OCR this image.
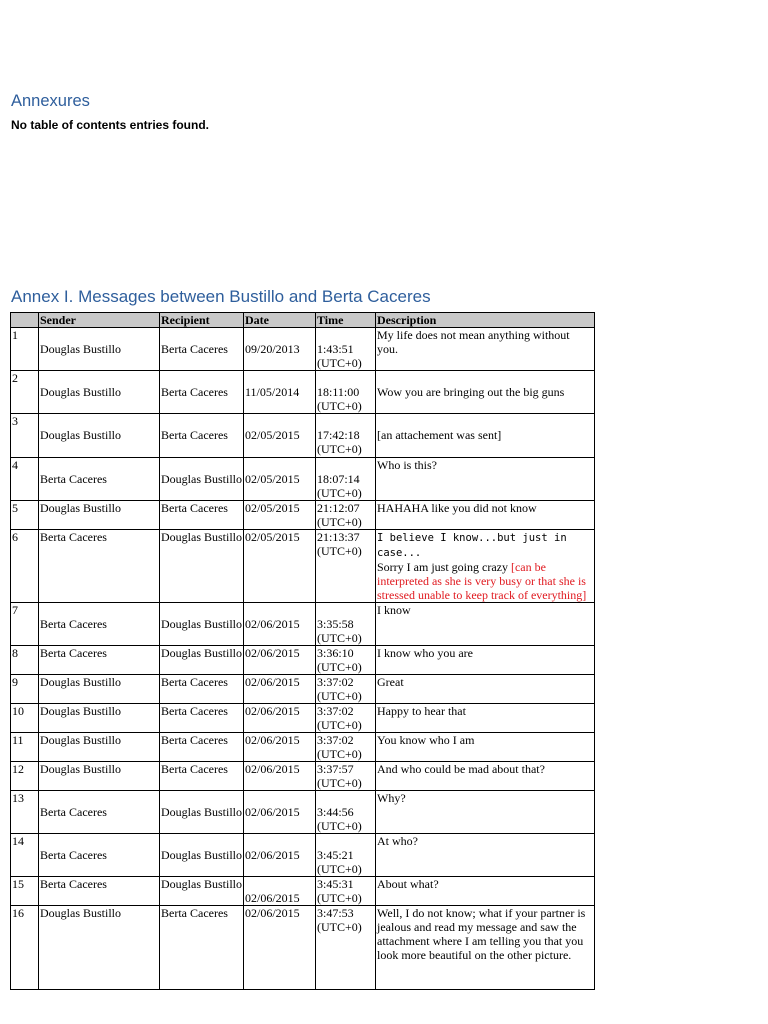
Annexures

No table of contents entries found.

Annex I. Messages between Bustillo and Berta Caceres
	Sender	Recipient	Date	Time	Description
1	Douglas Bustillo	Berta Caceres	09/20/2013	1:43:51 (UTC+0)	My life does not mean anything without you.
2	Douglas Bustillo	Berta Caceres	11/05/2014	18:11:00 (UTC+0)	Wow you are bringing out the big guns
3	Douglas Bustillo	Berta Caceres	02/05/2015	17:42:18 (UTC+0)	[an attachement was sent]
4	Berta Caceres	Douglas Bustillo	02/05/2015	18:07:14 (UTC+0)	Who is this?
5	Douglas Bustillo	Berta Caceres	02/05/2015	21:12:07 (UTC+0)	HAHAHA like you did not know
6	Berta Caceres	Douglas Bustillo	02/05/2015	21:13:37 (UTC+0)	I believe I know...but just in case...
Sorry I am just going crazy [can be interpreted as she is very busy or that she is stressed unable to keep track of everything]
7	Berta Caceres	Douglas Bustillo	02/06/2015	3:35:58 (UTC+0)	I know
8	Berta Caceres	Douglas Bustillo	02/06/2015	3:36:10 (UTC+0)	I know who you are
9	Douglas Bustillo	Berta Caceres	02/06/2015	3:37:02 (UTC+0)	Great
10	Douglas Bustillo	Berta Caceres	02/06/2015	3:37:02 (UTC+0)	Happy to hear that
11	Douglas Bustillo	Berta Caceres	02/06/2015	3:37:02 (UTC+0)	You know who I am
12	Douglas Bustillo	Berta Caceres	02/06/2015	3:37:57 (UTC+0)	And who could be mad about that?
13	Berta Caceres	Douglas Bustillo	02/06/2015	3:44:56 (UTC+0)	Why?
14	Berta Caceres	Douglas Bustillo	02/06/2015	3:45:21 (UTC+0)	At who?
15	Berta Caceres	Douglas Bustillo	02/06/2015	3:45:31 (UTC+0)	About what?
16	Douglas Bustillo	Berta Caceres	02/06/2015	3:47:53 (UTC+0)	Well, I do not know; what if your partner is jealous and read my message and saw the attachment where I am telling you that you look more beautiful on the other picture.
